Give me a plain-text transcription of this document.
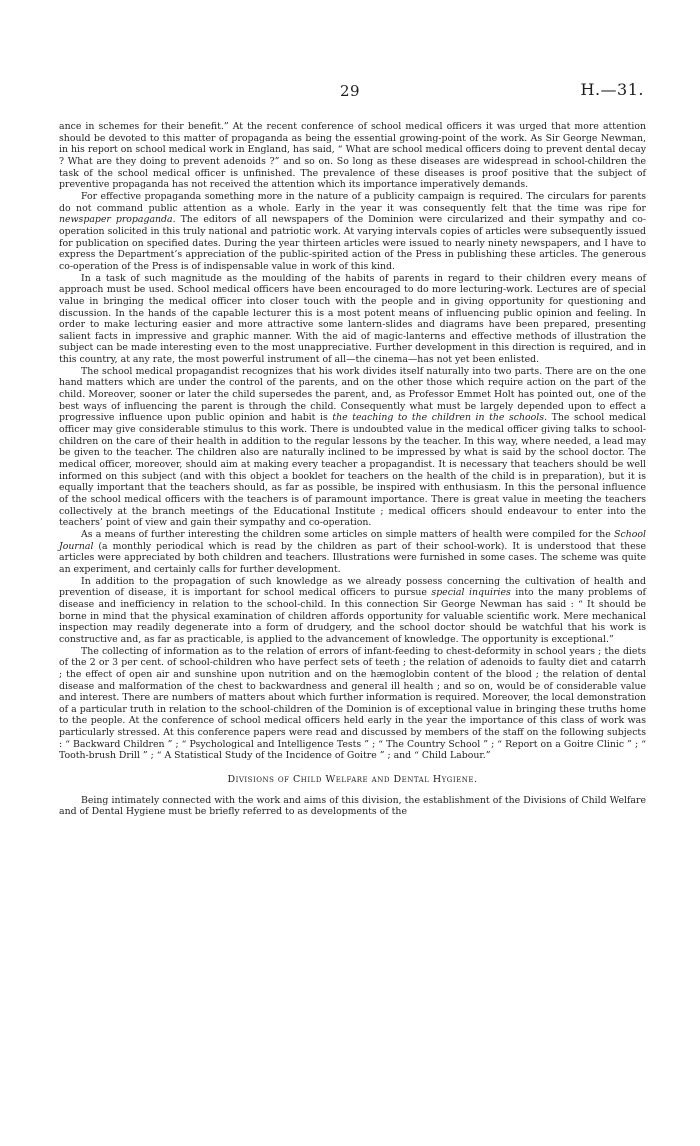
29	H.—31.

ance in schemes for their benefit.” At the recent conference of school medical officers it was urged that more attention should be devoted to this matter of propaganda as being the essential growing-point of the work. As Sir George Newman, in his report on school medical work in England, has said, “ What are school medical officers doing to prevent dental decay ? What are they doing to prevent adenoids ?” and so on. So long as these diseases are widespread in school-children the task of the school medical officer is unfinished. The prevalence of these diseases is proof positive that the subject of preventive propaganda has not received the attention which its importance imperatively demands.

For effective propaganda something more in the nature of a publicity campaign is required. The circulars for parents do not command public attention as a whole. Early in the year it was consequently felt that the time was ripe for newspaper propaganda. The editors of all newspapers of the Dominion were circularized and their sympathy and co-operation solicited in this truly national and patriotic work. At varying intervals copies of articles were subsequently issued for publication on specified dates. During the year thirteen articles were issued to nearly ninety newspapers, and I have to express the Department’s appreciation of the public-spirited action of the Press in publishing these articles. The generous co-operation of the Press is of indispensable value in work of this kind.

In a task of such magnitude as the moulding of the habits of parents in regard to their children every means of approach must be used. School medical officers have been encouraged to do more lecturing-work. Lectures are of special value in bringing the medical officer into closer touch with the people and in giving opportunity for questioning and discussion. In the hands of the capable lecturer this is a most potent means of influencing public opinion and feeling. In order to make lecturing easier and more attractive some lantern-slides and diagrams have been prepared, presenting salient facts in impressive and graphic manner. With the aid of magic-lanterns and effective methods of illustration the subject can be made interesting even to the most unappreciative. Further development in this direction is required, and in this country, at any rate, the most powerful instrument of all—the cinema—has not yet been enlisted.

The school medical propagandist recognizes that his work divides itself naturally into two parts. There are on the one hand matters which are under the control of the parents, and on the other those which require action on the part of the child. Moreover, sooner or later the child supersedes the parent, and, as Professor Emmet Holt has pointed out, one of the best ways of influencing the parent is through the child. Consequently what must be largely depended upon to effect a progressive influence upon public opinion and habit is the teaching to the children in the schools. The school medical officer may give considerable stimulus to this work. There is undoubted value in the medical officer giving talks to school-children on the care of their health in addition to the regular lessons by the teacher. In this way, where needed, a lead may be given to the teacher. The children also are naturally inclined to be impressed by what is said by the school doctor. The medical officer, moreover, should aim at making every teacher a propagandist. It is necessary that teachers should be well informed on this subject (and with this object a booklet for teachers on the health of the child is in preparation), but it is equally important that the teachers should, as far as possible, be inspired with enthusiasm. In this the personal influence of the school medical officers with the teachers is of paramount importance. There is great value in meeting the teachers collectively at the branch meetings of the Educational Institute ; medical officers should endeavour to enter into the teachers’ point of view and gain their sympathy and co-operation.

As a means of further interesting the children some articles on simple matters of health were compiled for the School Journal (a monthly periodical which is read by the children as part of their school-work). It is understood that these articles were appreciated by both children and teachers. Illustrations were furnished in some cases. The scheme was quite an experiment, and certainly calls for further development.

In addition to the propagation of such knowledge as we already possess concerning the cultivation of health and prevention of disease, it is important for school medical officers to pursue special inquiries into the many problems of disease and inefficiency in relation to the school-child. In this connection Sir George Newman has said : “ It should be borne in mind that the physical examination of children affords opportunity for valuable scientific work. Mere mechanical inspection may readily degenerate into a form of drudgery, and the school doctor should be watchful that his work is constructive and, as far as practicable, is applied to the advancement of knowledge. The opportunity is exceptional.”

The collecting of information as to the relation of errors of infant-feeding to chest-deformity in school years ; the diets of the 2 or 3 per cent. of school-children who have perfect sets of teeth ; the relation of adenoids to faulty diet and catarrh ; the effect of open air and sunshine upon nutrition and on the hæmoglobin content of the blood ; the relation of dental disease and malformation of the chest to backwardness and general ill health ; and so on, would be of considerable value and interest. There are numbers of matters about which further information is required. Moreover, the local demonstration of a particular truth in relation to the school-children of the Dominion is of exceptional value in bringing these truths home to the people. At the conference of school medical officers held early in the year the importance of this class of work was particularly stressed. At this conference papers were read and discussed by members of the staff on the following subjects : “ Backward Children ” ; “ Psychological and Intelligence Tests ” ; “ The Country School ” ; “ Report on a Goitre Clinic ” ; “ Tooth-brush Drill ” ; “ A Statistical Study of the Incidence of Goitre ” ; and “ Child Labour.”

Divisions of Child Welfare and Dental Hygiene.

Being intimately connected with the work and aims of this division, the establishment of the Divisions of Child Welfare and of Dental Hygiene must be briefly referred to as developments of the
